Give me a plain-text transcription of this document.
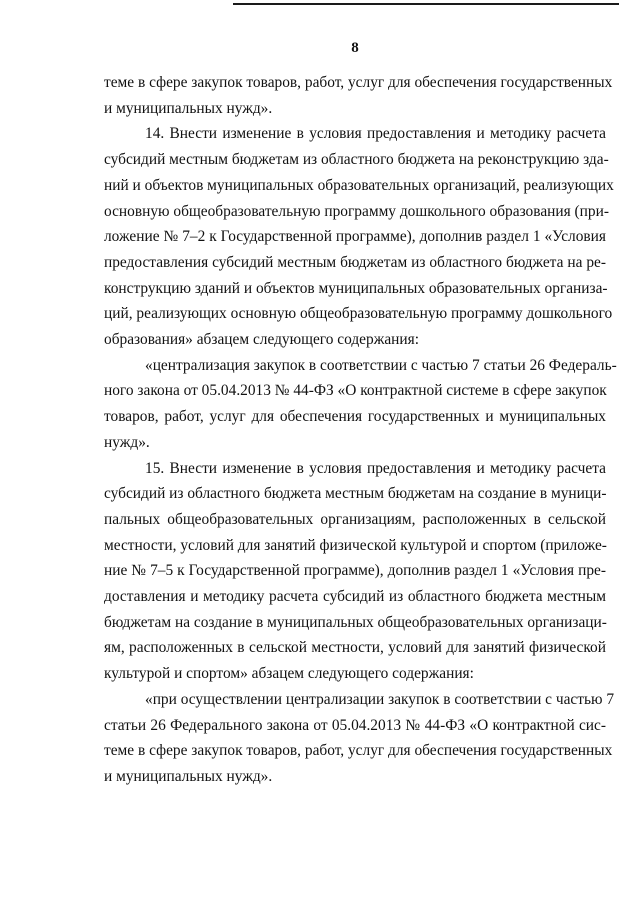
8
теме в сфере закупок товаров, работ, услуг для обеспечения государственных
и муниципальных нужд».
14. Внести изменение в условия предоставления и методику расчета
субсидий местным бюджетам из областного бюджета на реконструкцию зда-
ний и объектов муниципальных образовательных организаций, реализующих
основную общеобразовательную программу дошкольного образования (при-
ложение № 7–2 к Государственной программе), дополнив раздел 1 «Условия
предоставления субсидий местным бюджетам из областного бюджета на ре-
конструкцию зданий и объектов муниципальных образовательных организа-
ций, реализующих основную общеобразовательную программу дошкольного
образования» абзацем следующего содержания:
«централизация закупок в соответствии с частью 7 статьи 26 Федераль-
ного закона от 05.04.2013 № 44-ФЗ «О контрактной системе в сфере закупок
товаров, работ, услуг для обеспечения государственных и муниципальных
нужд».
15. Внести изменение в условия предоставления и методику расчета
субсидий из областного бюджета местным бюджетам на создание в муници-
пальных общеобразовательных организациям, расположенных в сельской
местности, условий для занятий физической культурой и спортом (приложе-
ние № 7–5 к Государственной программе), дополнив раздел 1 «Условия пре-
доставления и методику расчета субсидий из областного бюджета местным
бюджетам на создание в муниципальных общеобразовательных организаци-
ям, расположенных в сельской местности, условий для занятий физической
культурой и спортом» абзацем следующего содержания:
«при осуществлении централизации закупок в соответствии с частью 7
статьи 26 Федерального закона от 05.04.2013 № 44-ФЗ «О контрактной сис-
теме в сфере закупок товаров, работ, услуг для обеспечения государственных
и муниципальных нужд».
